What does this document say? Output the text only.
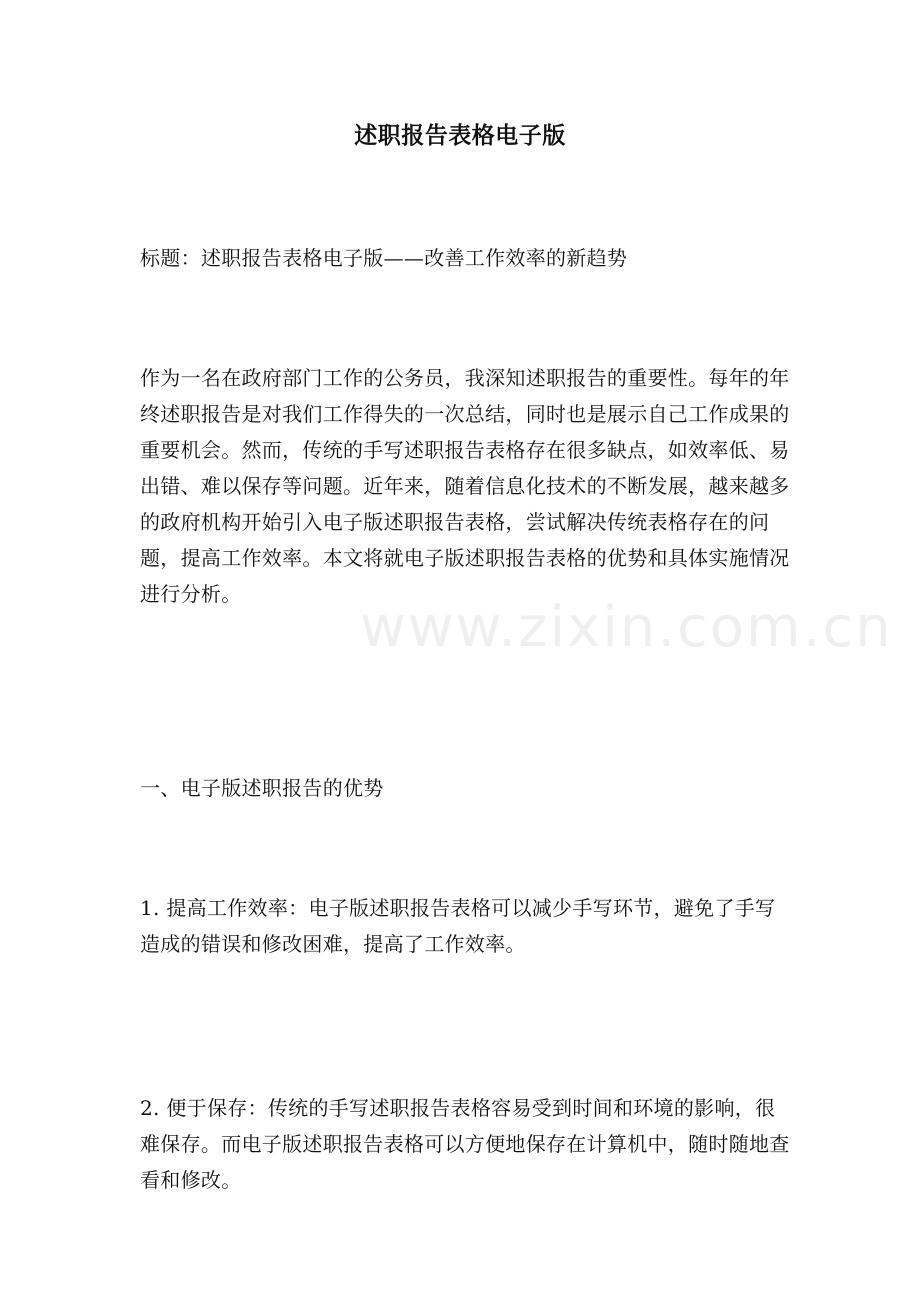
www.zixin.com.cn
述职报告表格电子版

标题：述职报告表格电子版——改善工作效率的新趋势

作为一名在政府部门工作的公务员，我深知述职报告的重要性。每年的年终述职报告是对我们工作得失的一次总结，同时也是展示自己工作成果的重要机会。然而，传统的手写述职报告表格存在很多缺点，如效率低、易出错、难以保存等问题。近年来，随着信息化技术的不断发展，越来越多的政府机构开始引入电子版述职报告表格，尝试解决传统表格存在的问题，提高工作效率。本文将就电子版述职报告表格的优势和具体实施情况进行分析。

一、电子版述职报告的优势

1. 提高工作效率：电子版述职报告表格可以减少手写环节，避免了手写造成的错误和修改困难，提高了工作效率。

2. 便于保存：传统的手写述职报告表格容易受到时间和环境的影响，很难保存。而电子版述职报告表格可以方便地保存在计算机中，随时随地查看和修改。
